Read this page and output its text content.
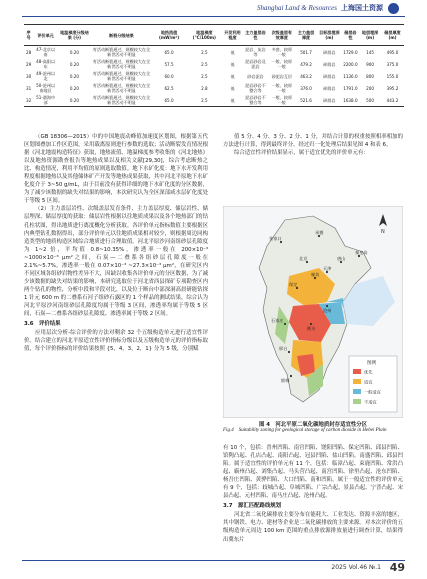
Shanghai Land & Resources 上海国土资源
序号	评价单元	地温梯度分级结果 (分)	断裂分级结果	地热流值 (mW/m²)	地温梯度 (°C/100m)	开发利用程度	主力盖层岩性	次级盖层有效厚度	主力盖层厚度	目标层埋深 (m)	储层岩性	地层埋深 (m)	储层厚度 (m)
28	47-北京以南	0.20	有活动断裂通过，规模较大在全新世活动不明显	65.0	2.5	低	泥岩、灰岩等	多套、较厚一般	501.7	碎屑岩	1729.0	145	495.0
29	48-高阳以东	0.20	有活动断裂通过，规模较大在全新世活动不明显	57.5	2.5	低	泥岩砂岩及泥岩	一般、较厚一般	479.2	碎屑岩	2200.0	900	375.0
30	49-沧州以北	0.20	有活动断裂通过，规模较大在全新世活动不明显	60.0	2.5	低	砂岩泥岩	砂泥岩互层	463.2	碎屑岩	1136.0	800	155.0
31	50-沧州以南地区	0.20	有活动断裂通过，规模较大在全新世活动不明显	62.5	2.8	低	泥岩砂岩不整合等	一般、较厚一般	376.0	碎屑岩	1791.0	200	395.2
32	51-渤海中部	0.20	有活动断裂通过，规模较大在全新世活动不明显	65.0	2.5	低	泥岩砂岩不整合等	一般、较厚一般	521.6	碎屑岩	1638.0	500	443.2

（GB 18306—2015）中的中国地震动峰值加速度区划图，根据第五代区划图叠加工作区范围，采用载离原则进行参数的选取；活动断裂发育情况根据《河北地震构造特征》获取，地热流值、地温梯度参考收集的《河北地热》以及地热资源勘查报告等地热成果以及相关文献[29,30]，综合考虑断热之比、构造情况，利用平均值的原则选取数值。地下水矿化度：地下水开发利用程度根据地热以及其他储体矿产开发等地热成果获取，其中河北平原地下水矿化度介于 3~50 g/mL，由于目前没有获得详细的地下水矿化度的分区数据，为了减少该数据的缺失对结果的影响，本次研究认为全区深部咸水层矿化度处于等级 5 区间。

（2）主力盖层岩性、次级盖层发育条件、主力盖层厚度、储层岩性、储层埋深、储层厚度的获取：储层岩性根据以往地质成果以及各个地热部门的钻孔柱状图，得出地质进行离度概化分析获取。各评价单元指标数值主要根据区内典型钻孔数据得出，部分评价单元以往地质成果相对较少，则根据周边同构造类型的地质构造区域综合地质进行合理取值。河北平原沙河南组砂层孔隙度为 1~2 倍，平均值 0.8~10.35%，渗透率一般在 200×10⁻³ ~1000×10⁻³ μm²之间，石炭—二叠系各组砂层孔隙度一般在 2.1%~5.7%，渗透率一般在 0.07×10⁻³ ~27.3×10⁻³ μm²，在研究区内不同区域各组砂岩物性差异不大，因缺以收集各评价单元的分区数据，为了减少该数据的缺失对结果的影响，本研究选取位于河北省西县探矿专项勘查区内两个钻孔的物性，分析中段和平段对比，以及位于断台中部深洞高晨研能钻探 1 针元 600 m 的二叠系石河子组砂石露区的 1 个样品的测试结果，综合认为河北平原沙河南组砂层孔隙度均属于等级 3 区间，渗透率均属于等级 5 区间，石炭—二叠系各组砂层孔隙度、渗透率属于等级 2 区间。

3.6　评价结果

应用层次分析-综合评价的方法对剩余 32 个五级构造单元进行适宜性评价。结合建立的河北平原适宜性评价指标分级以及五级构造单元的评价指标取值，每个评价指标的评价结果按照 {5，4，3，2，1} 分为 5 级，分别赋

值 5 分、4 分、3 分、2 分、1 分，并结合计算的权重按照相率相加的方法进行计算，得到最终评分，经过归一化处理后结果见图 4 和表 6。

综合适宜性评价结果显示，属于适宜优先的评价单元有：

张家口
承德
北京
天津
唐山
秦皇岛
保定
沧州
石家庄
衡水
邢台
邯郸
廊坊
N
图例
优先
适宜
一般适宜
不适宜
图 4　河北平原二氧化碳地质封存适宜性分区
Fig.4　Suitability zoning for geological storage of carbon dioxide in Hebei Plain

有 10 个，包括：晋州凹陷、南宫凹陷、饶阳凹陷、保定凹陷、邱县凹陷、馆陶凸起、孔店凸起、南阳凸起、冠县凹陷、盐山凹陷。南盛凹陷、邱县凹陷。属于适宜性的评价单元有 11 个，包括：临漳凸起、束鹿凹陷、常洪凸起、霸州凸起、刘集凸起、马头营凸起、南宫凹陷、徐里凸起、沧东凹陷、杨吾庄凹陷、黄骅凹陷、大口凹陷、南和凹陷。属于一般适宜性的评价单元有 9 个，包括：歧城凸起、阜城凹陷、广宗凸起、景县凸起、宁晋凸起、宋县凸起、元村凹陷、南马庄凸起、沧州凸起。

3.7　源汇匹配路线规划

河北省二氧化碳排放主要分布在能耗大、工业发达、资源丰富的地区，其中钢铁、电力、建材等企业是二氧化碳排放的主要来源。对本次评价的五级构造单元周边 100 km 范围的重点排放源排放量进行调查计算，结果得出冀东片

2025 Vol.46 №.1 49
